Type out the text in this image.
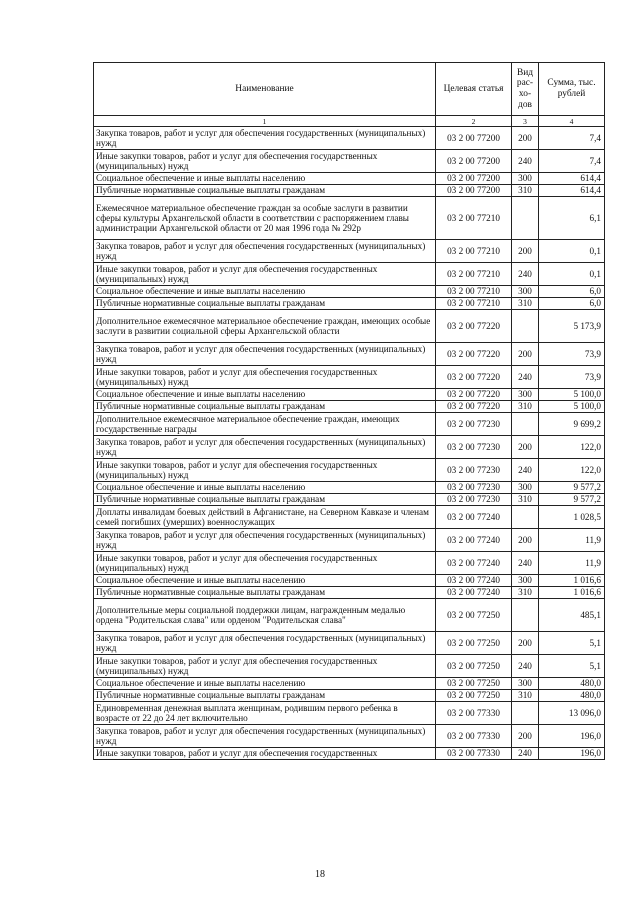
Наименование	Целевая статья	Вид рас-хо-дов	Сумма, тыс. рублей
1	2	3	4
Закупка товаров, работ и услуг для обеспечения государственных (муниципальных) нужд	03 2 00 77200	200	7,4
Иные закупки товаров, работ и услуг для обеспечения государственных (муниципальных) нужд	03 2 00 77200	240	7,4
Социальное обеспечение и иные выплаты населению	03 2 00 77200	300	614,4
Публичные нормативные социальные выплаты гражданам	03 2 00 77200	310	614,4
Ежемесячное материальное обеспечение граждан за особые заслуги в развитии сферы культуры Архангельской области в соответствии с распоряжением главы администрации Архангельской области от 20 мая 1996 года № 292р	03 2 00 77210		6,1
Закупка товаров, работ и услуг для обеспечения государственных (муниципальных) нужд	03 2 00 77210	200	0,1
Иные закупки товаров, работ и услуг для обеспечения государственных (муниципальных) нужд	03 2 00 77210	240	0,1
Социальное обеспечение и иные выплаты населению	03 2 00 77210	300	6,0
Публичные нормативные социальные выплаты гражданам	03 2 00 77210	310	6,0
Дополнительное ежемесячное материальное обеспечение граждан, имеющих особые заслуги в развитии социальной сферы Архангельской области	03 2 00 77220		5 173,9
Закупка товаров, работ и услуг для обеспечения государственных (муниципальных) нужд	03 2 00 77220	200	73,9
Иные закупки товаров, работ и услуг для обеспечения государственных (муниципальных) нужд	03 2 00 77220	240	73,9
Социальное обеспечение и иные выплаты населению	03 2 00 77220	300	5 100,0
Публичные нормативные социальные выплаты гражданам	03 2 00 77220	310	5 100,0
Дополнительное ежемесячное материальное обеспечение граждан, имеющих государственные награды	03 2 00 77230		9 699,2
Закупка товаров, работ и услуг для обеспечения государственных (муниципальных) нужд	03 2 00 77230	200	122,0
Иные закупки товаров, работ и услуг для обеспечения государственных (муниципальных) нужд	03 2 00 77230	240	122,0
Социальное обеспечение и иные выплаты населению	03 2 00 77230	300	9 577,2
Публичные нормативные социальные выплаты гражданам	03 2 00 77230	310	9 577,2
Доплаты инвалидам боевых действий в Афганистане, на Северном Кавказе и членам семей погибших (умерших) военнослужащих	03 2 00 77240		1 028,5
Закупка товаров, работ и услуг для обеспечения государственных (муниципальных) нужд	03 2 00 77240	200	11,9
Иные закупки товаров, работ и услуг для обеспечения государственных (муниципальных) нужд	03 2 00 77240	240	11,9
Социальное обеспечение и иные выплаты населению	03 2 00 77240	300	1 016,6
Публичные нормативные социальные выплаты гражданам	03 2 00 77240	310	1 016,6
Дополнительные меры социальной поддержки лицам, награжденным медалью ордена "Родительская слава" или орденом "Родительская слава"	03 2 00 77250		485,1
Закупка товаров, работ и услуг для обеспечения государственных (муниципальных) нужд	03 2 00 77250	200	5,1
Иные закупки товаров, работ и услуг для обеспечения государственных (муниципальных) нужд	03 2 00 77250	240	5,1
Социальное обеспечение и иные выплаты населению	03 2 00 77250	300	480,0
Публичные нормативные социальные выплаты гражданам	03 2 00 77250	310	480,0
Единовременная денежная выплата женщинам, родившим первого ребенка в возрасте от 22 до 24 лет включительно	03 2 00 77330		13 096,0
Закупка товаров, работ и услуг для обеспечения государственных (муниципальных) нужд	03 2 00 77330	200	196,0
Иные закупки товаров, работ и услуг для обеспечения государственных	03 2 00 77330	240	196,0
18
